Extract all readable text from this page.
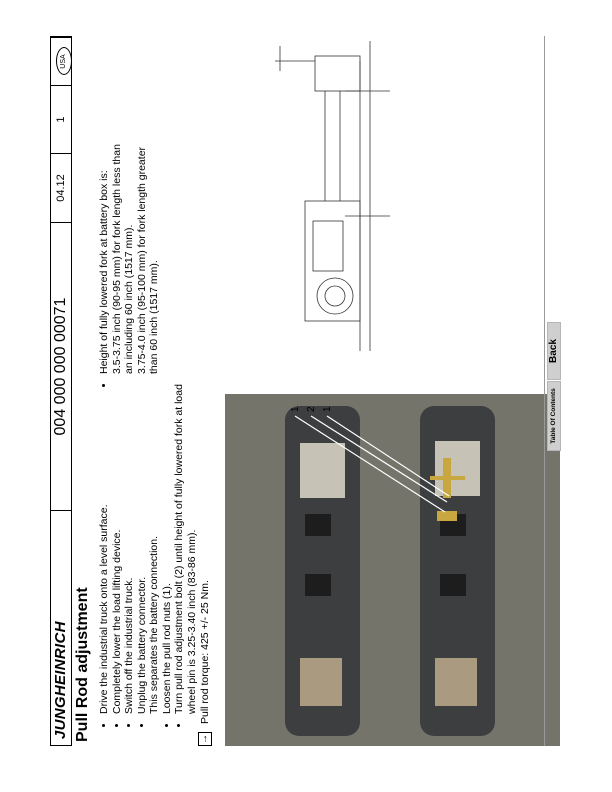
JUNGHEINRICH
004 000 000 00071
04.12
1
USA
Pull Rod adjustment • Drive the industrial truck onto a level surface. • Completely lower the load lifting device. • Switch off the industrial truck. • Unplug the battery connector.
This separates the battery connection.
• Loosen the pull rod nuts (1). • Turn pull rod adjustment bolt (2) until height of fully lowered fork at load wheel pin is 3.25-3.40 inch (83-86 mm).
→Pull rod torque: 425 +/- 25 Nm.
• Height of fully lowered fork at battery box is:
3.5-3.75 inch (90-95 mm) for fork length less than an including 60 inch (1517 mm).
3.75-4.0 inch (95-100 mm) for fork length greater than 60 inch (1517 mm).
1 2 1	Table Of Contents
Back
